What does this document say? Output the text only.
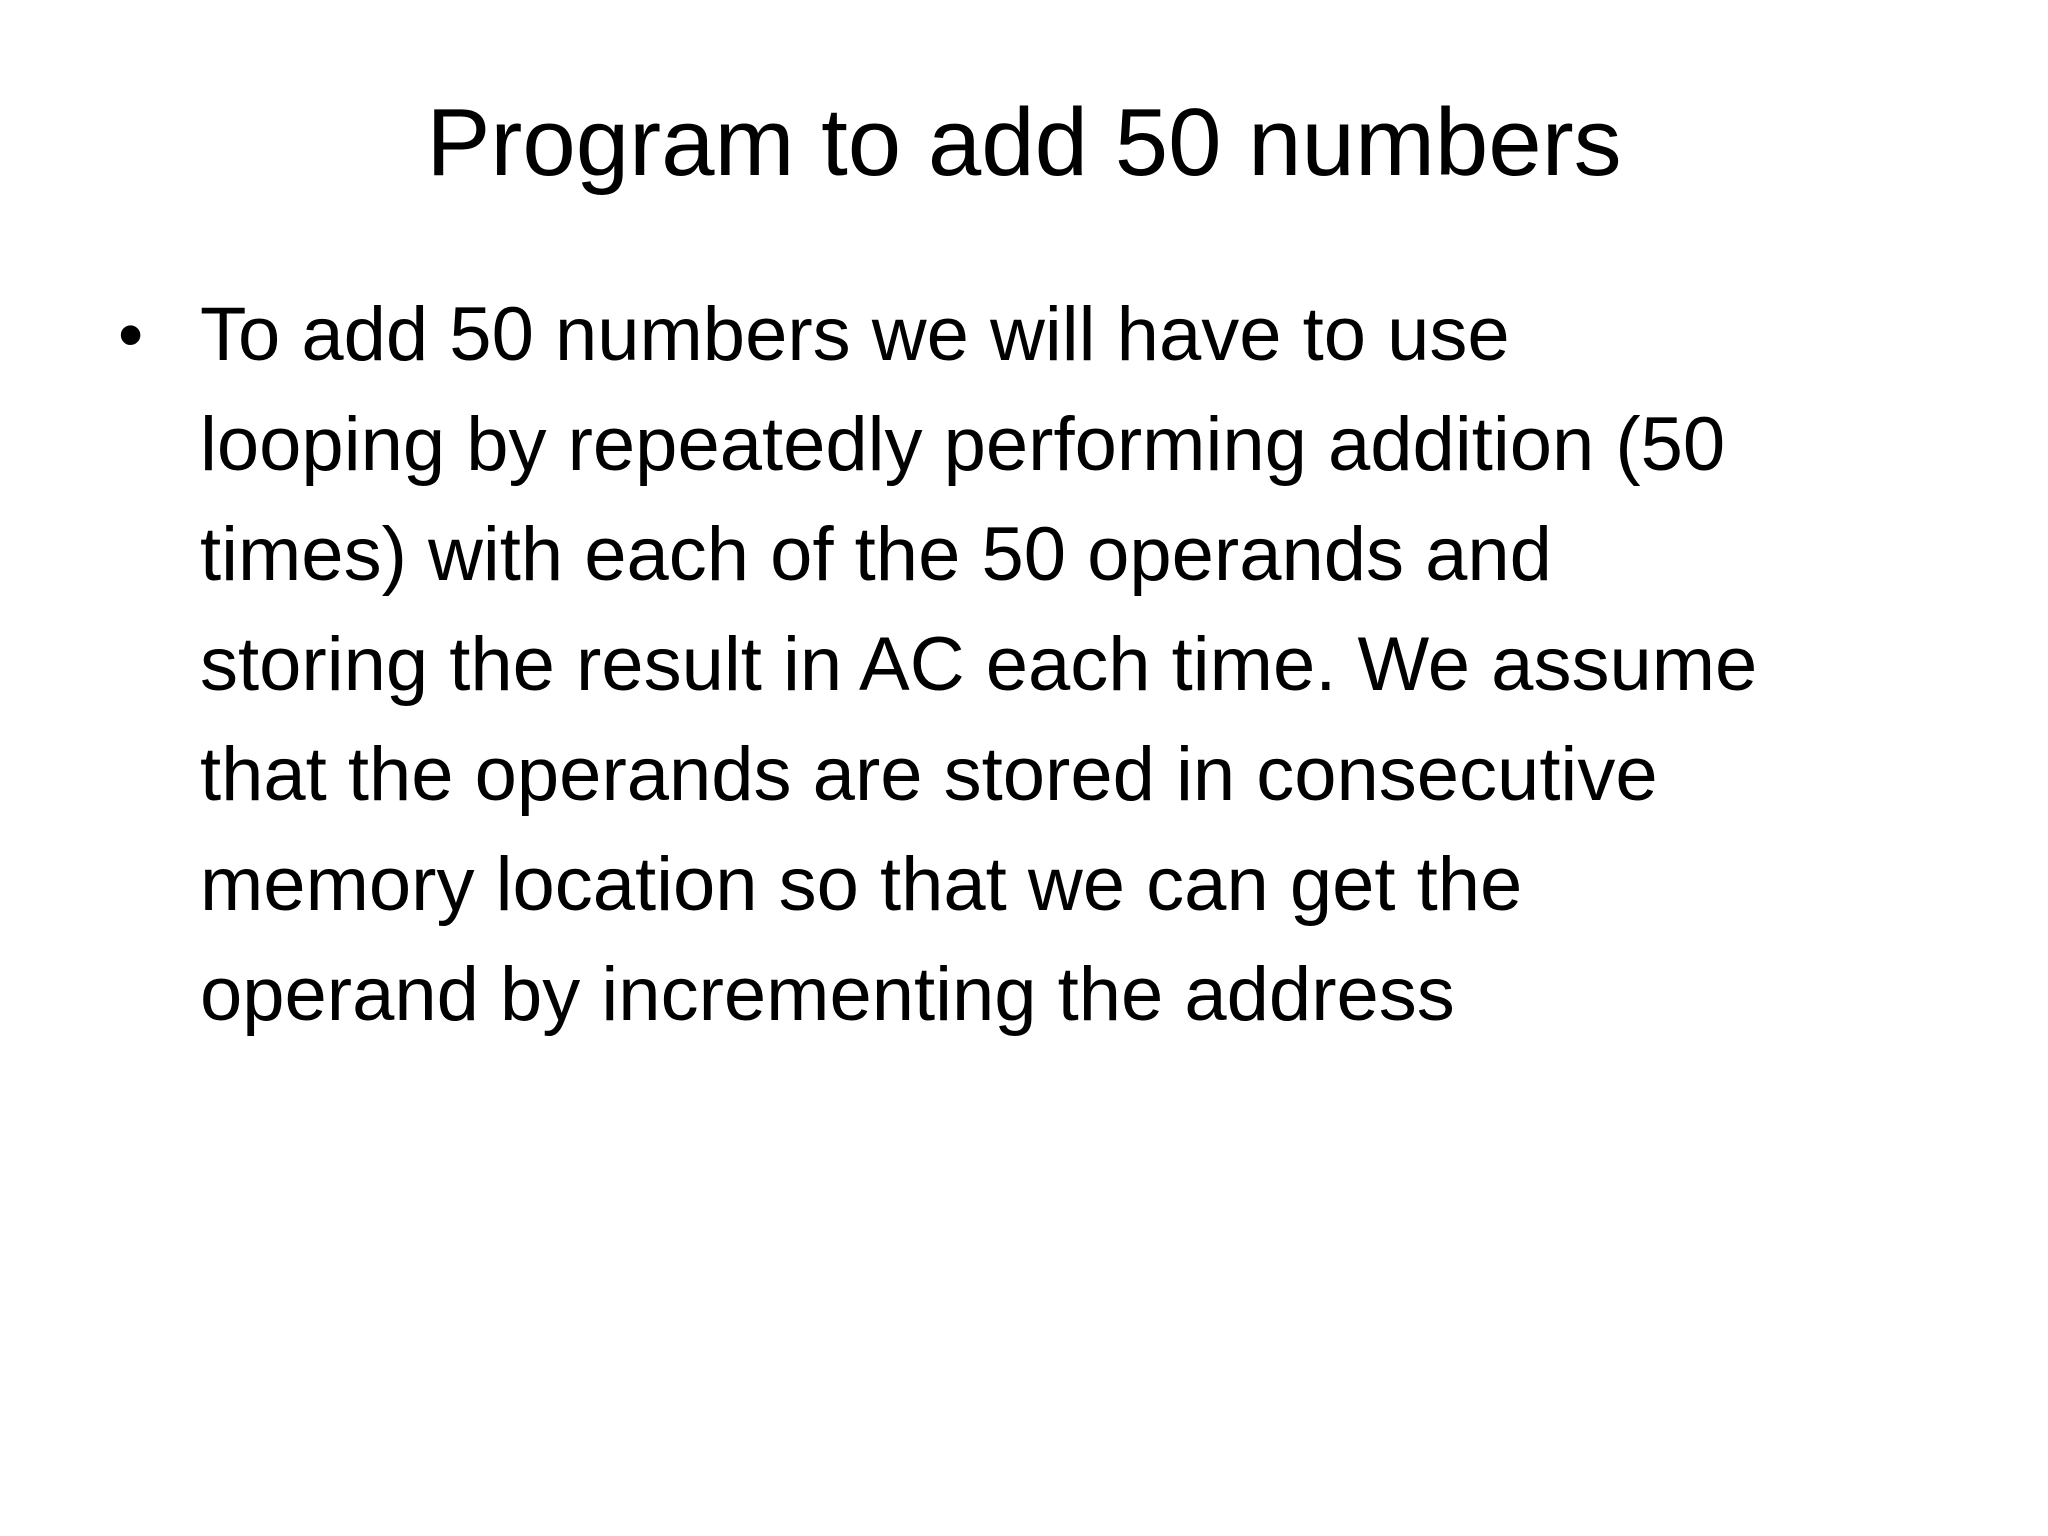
Program to add 50 numbers
• To add 50 numbers we will have to use
looping by repeatedly performing addition (50
times) with each of the 50 operands and
storing the result in AC each time. We assume
that the operands are stored in consecutive
memory location so that we can get the
operand by incrementing the address
